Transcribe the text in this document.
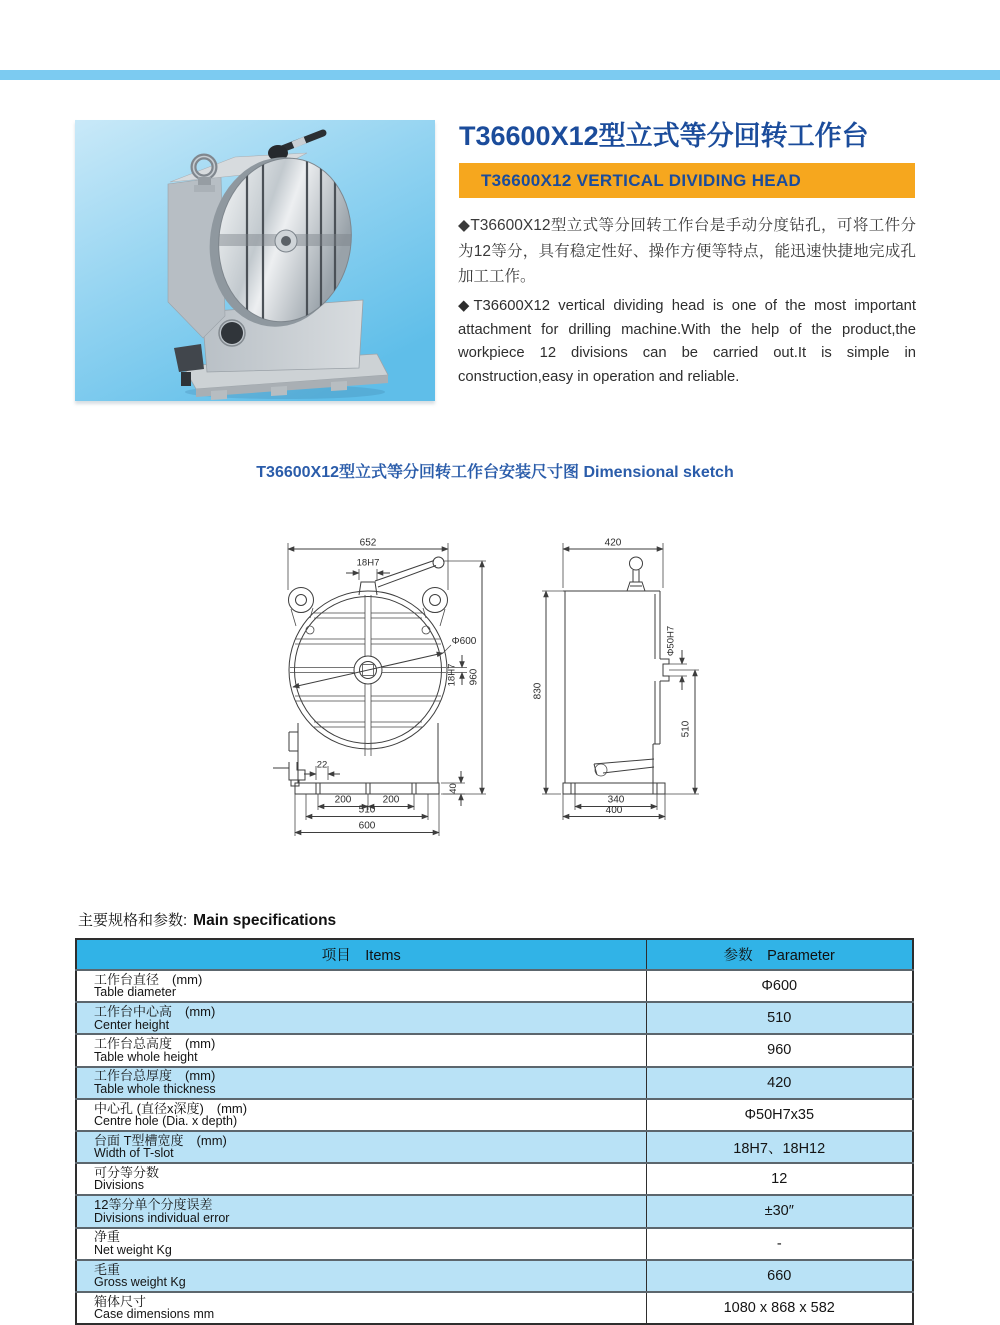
T36600X12型立式等分回转工作台
T36600X12 VERTICAL DIVIDING HEAD
◆T36600X12型立式等分回转工作台是手动分度钻孔，可将工件分为12等分，具有稳定性好、操作方便等特点，能迅速快捷地完成孔加工工作。
◆T36600X12 vertical dividing head is one of the most important attachment for drilling machine.With the help of the product,the workpiece 12 divisions can be carried out.It is simple in construction,easy in operation and reliable.
T36600X12型立式等分回转工作台安装尺寸图 Dimensional sketch
652
18H7
Φ600
18H7 960
22
200	200
510
600
40
420
830
Φ50H7
510
340
400
主要规格和参数: Main specifications
项目　Items	参数　Parameter

工作台直径　(mm)
Table diameter	Φ600

工作台中心高　(mm)
Center height	510

工作台总高度　(mm)
Table whole height	960

工作台总厚度　(mm)
Table whole thickness	420

中心孔 (直径x深度)　(mm)
Centre hole (Dia. x depth)	Φ50H7x35

台面 T型槽宽度　(mm)
Width of T-slot	18H7、18H12

可分等分数
Divisions	12

12等分单个分度误差
Divisions individual error	±30″

净重
Net weight Kg	-

毛重
Gross weight Kg	660

箱体尺寸
Case dimensions mm	1080 x 868 x 582
